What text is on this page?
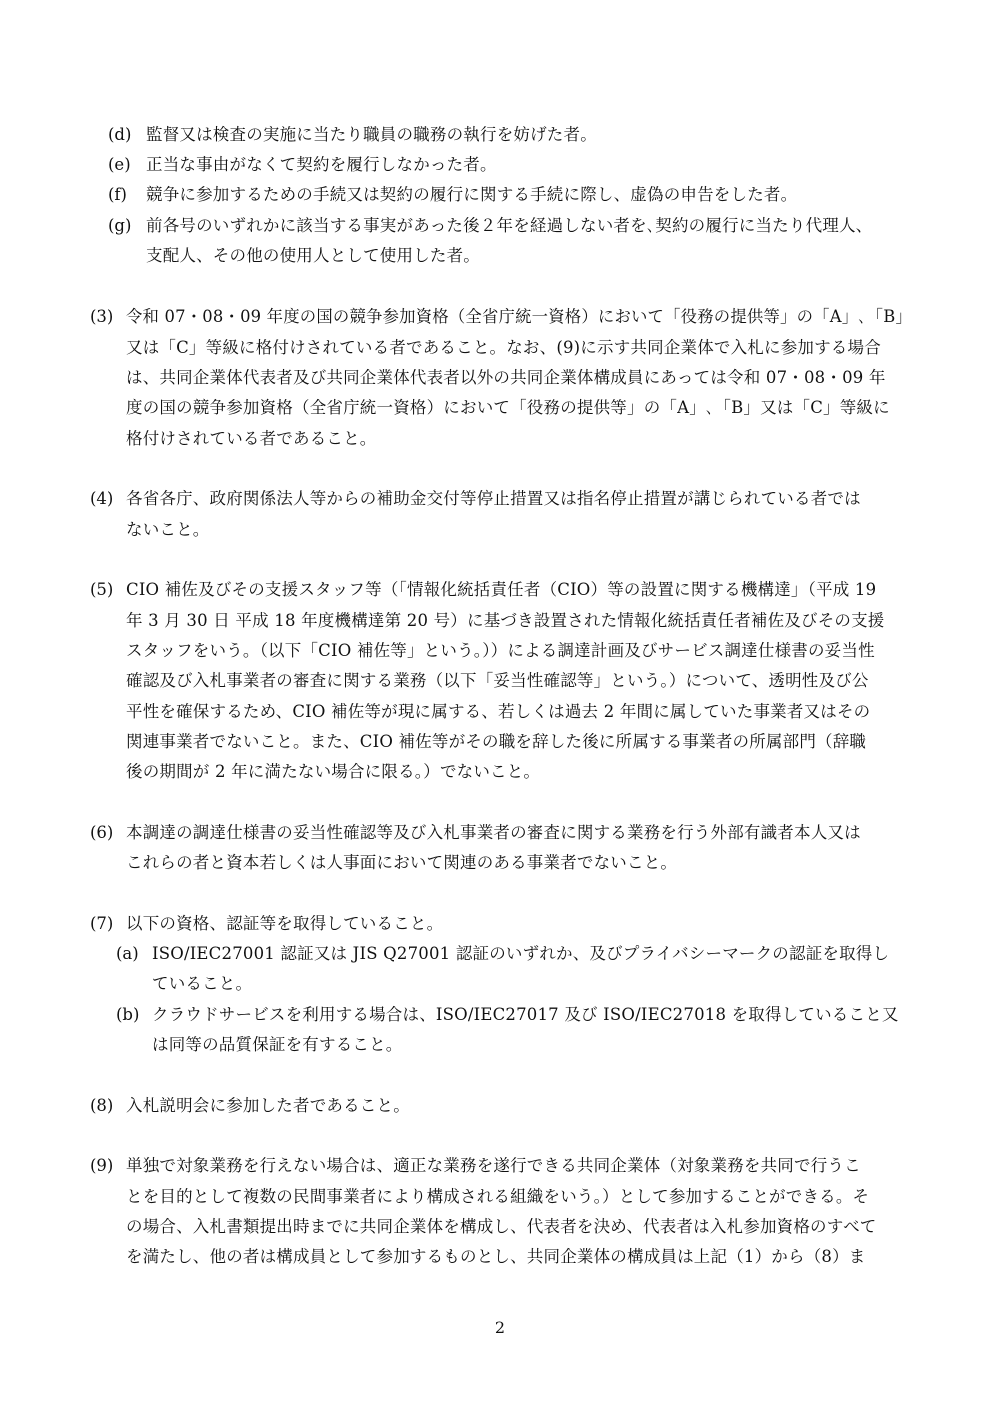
(d) 監督又は検査の実施に当たり職員の職務の執行を妨げた者。
(e) 正当な事由がなくて契約を履行しなかった者。
(f) 競争に参加するための手続又は契約の履行に関する手続に際し、虚偽の申告をした者。
(g) 前各号のいずれかに該当する事実があった後２年を経過しない者を､契約の履行に当たり代理人、
支配人、その他の使用人として使用した者。
(3) 令和 07・08・09 年度の国の競争参加資格（全省庁統一資格）において「役務の提供等」の「A」､「B」
又は「C」等級に格付けされている者であること。なお、(9)に示す共同企業体で入札に参加する場合
は、共同企業体代表者及び共同企業体代表者以外の共同企業体構成員にあっては令和 07・08・09 年
度の国の競争参加資格（全省庁統一資格）において「役務の提供等」の「A」､「B」又は「C」等級に
格付けされている者であること。
(4) 各省各庁、政府関係法人等からの補助金交付等停止措置又は指名停止措置が講じられている者では
ないこと。
(5) CIO 補佐及びその支援スタッフ等（「情報化統括責任者（CIO）等の設置に関する機構達」（平成 19
年 3 月 30 日 平成 18 年度機構達第 20 号）に基づき設置された情報化統括責任者補佐及びその支援
スタッフをいう。（以下「CIO 補佐等」という。））による調達計画及びサービス調達仕様書の妥当性
確認及び入札事業者の審査に関する業務（以下「妥当性確認等」という。）について、透明性及び公
平性を確保するため、CIO 補佐等が現に属する、若しくは過去 2 年間に属していた事業者又はその
関連事業者でないこと。また、CIO 補佐等がその職を辞した後に所属する事業者の所属部門（辞職
後の期間が 2 年に満たない場合に限る。）でないこと。
(6) 本調達の調達仕様書の妥当性確認等及び入札事業者の審査に関する業務を行う外部有識者本人又は
これらの者と資本若しくは人事面において関連のある事業者でないこと。
(7) 以下の資格、認証等を取得していること。
(a) ISO/IEC27001 認証又は JIS Q27001 認証のいずれか、及びプライバシーマークの認証を取得し
ていること。
(b) クラウドサービスを利用する場合は、ISO/IEC27017 及び ISO/IEC27018 を取得していること又
は同等の品質保証を有すること。
(8) 入札説明会に参加した者であること。
(9) 単独で対象業務を行えない場合は、適正な業務を遂行できる共同企業体（対象業務を共同で行うこ
とを目的として複数の民間事業者により構成される組織をいう。）として参加することができる。そ
の場合、入札書類提出時までに共同企業体を構成し、代表者を決め、代表者は入札参加資格のすべて
を満たし、他の者は構成員として参加するものとし、共同企業体の構成員は上記（1）から（8）ま
2
